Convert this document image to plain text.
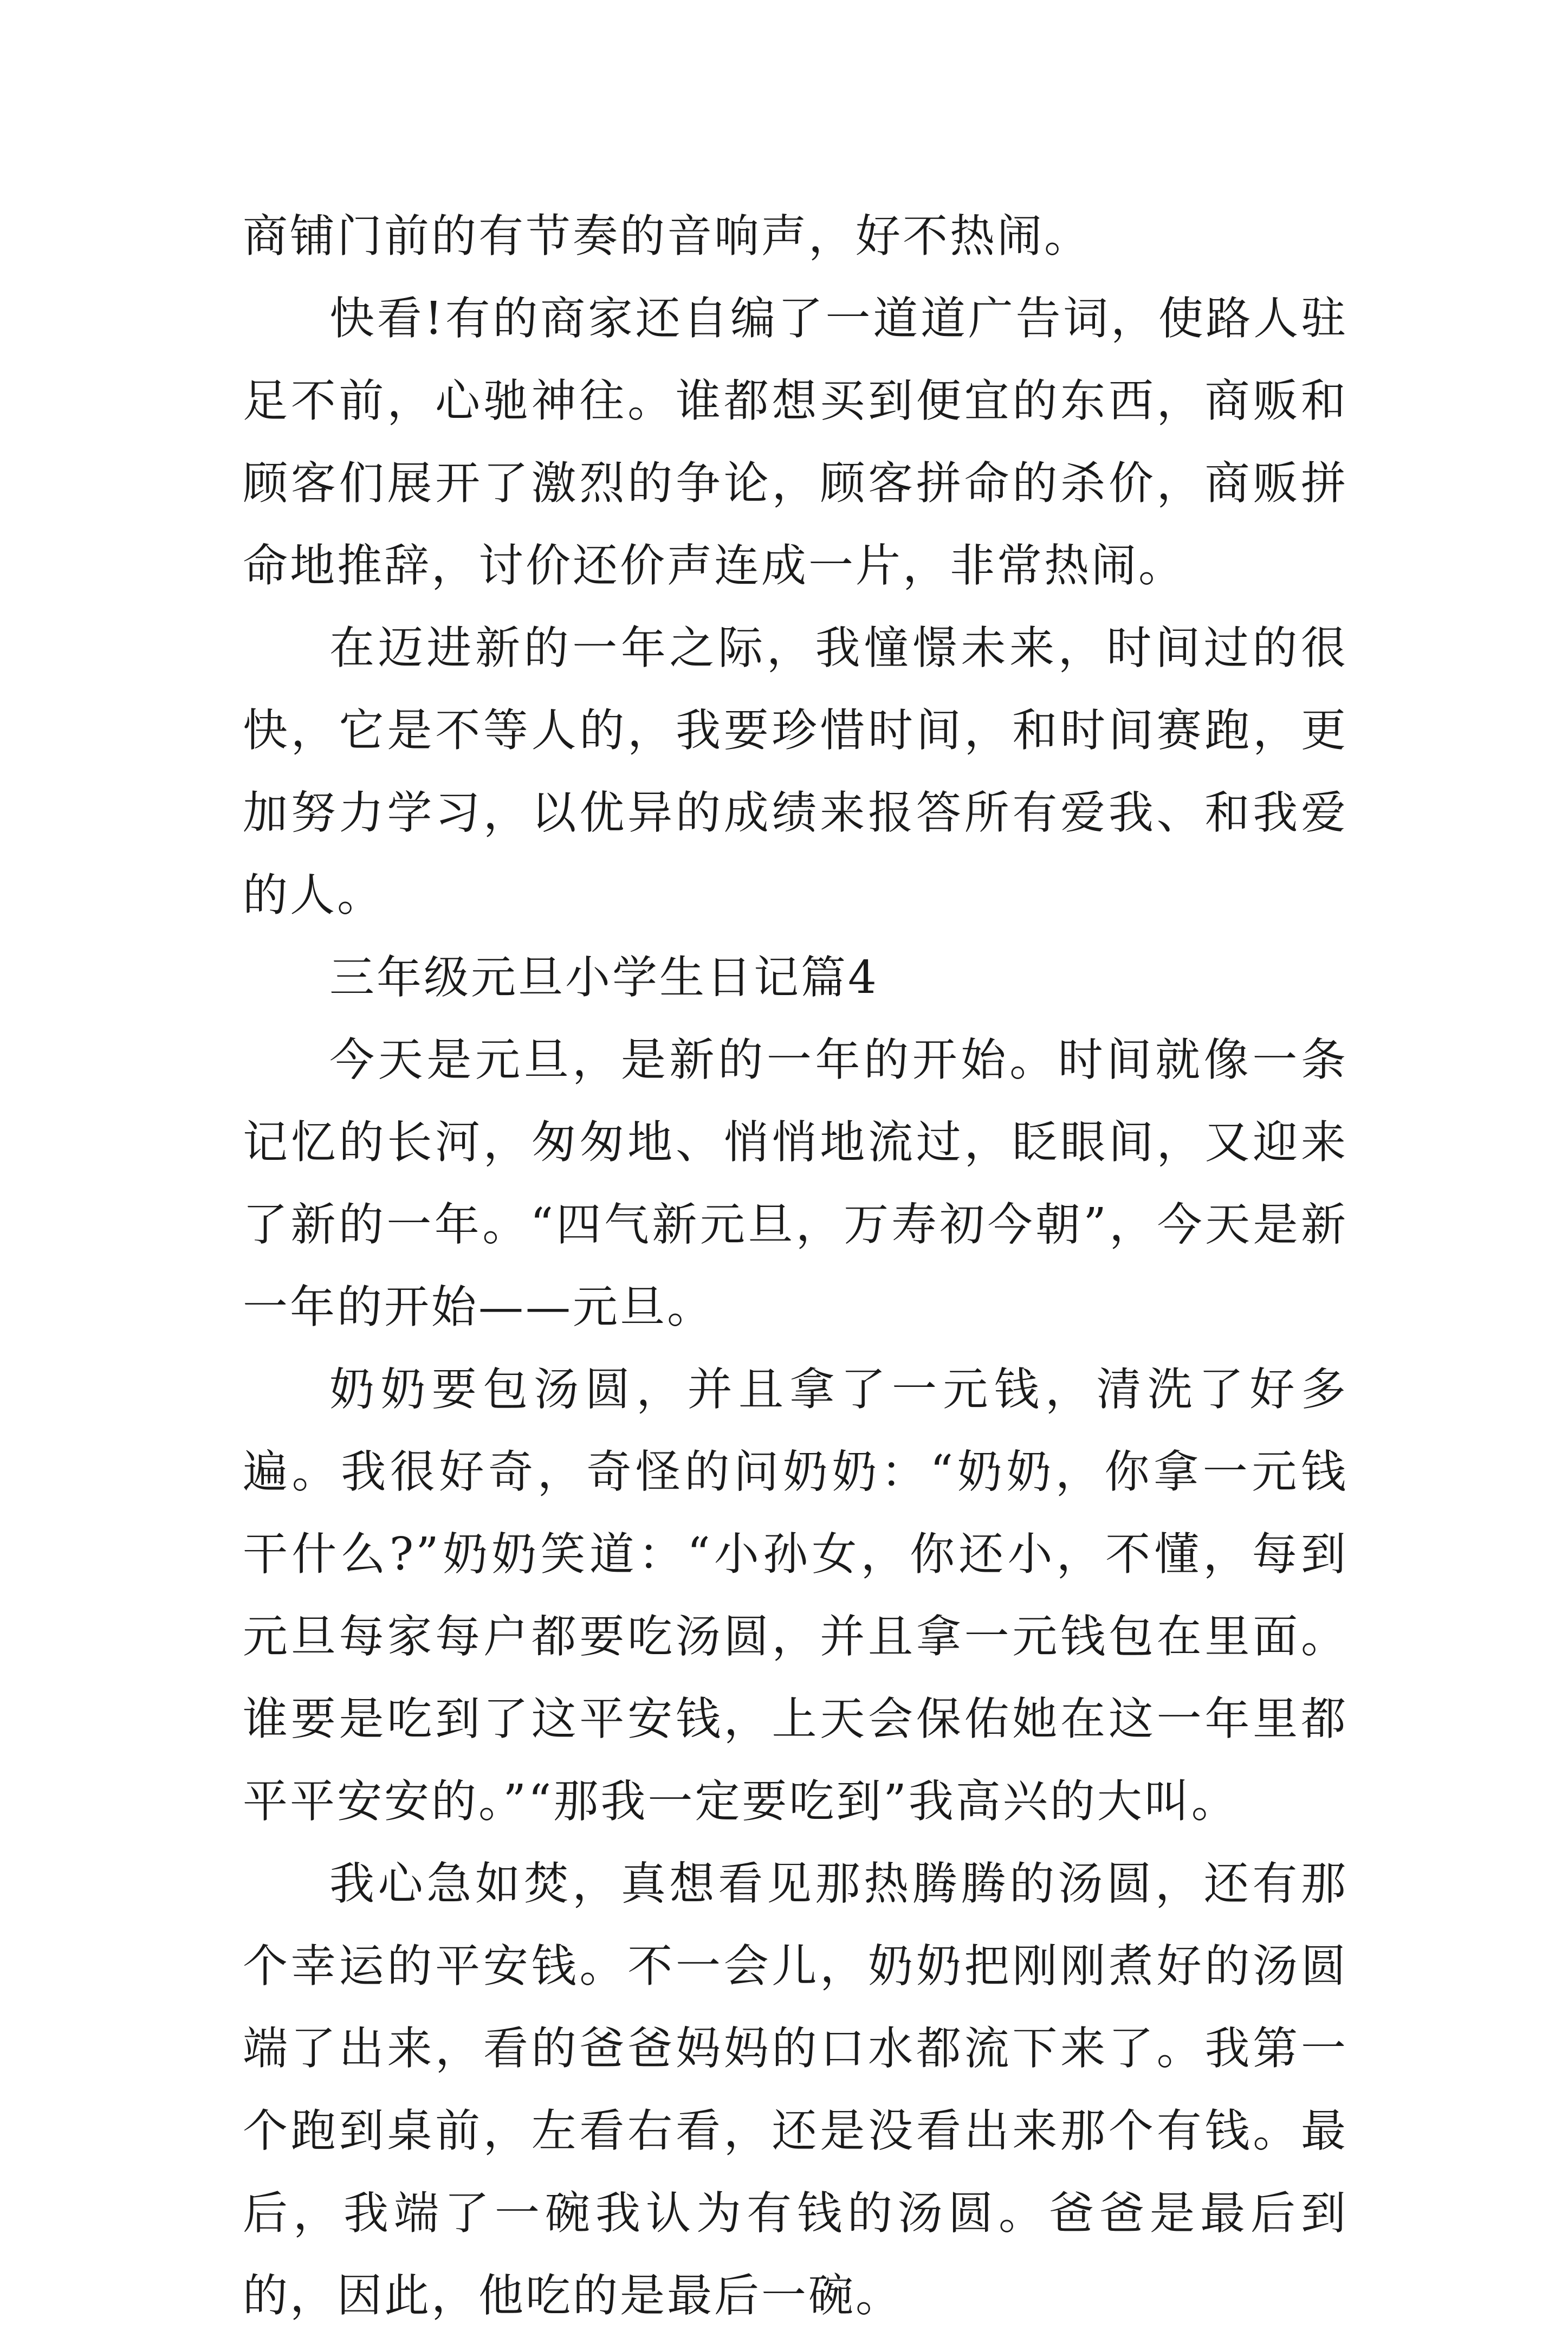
商铺门前的有节奏的音响声，好不热闹。

快看!有的商家还自编了一道道广告词，使路人驻足不前，心驰神往。谁都想买到便宜的东西，商贩和顾客们展开了激烈的争论，顾客拼命的杀价，商贩拼命地推辞，讨价还价声连成一片，非常热闹。

在迈进新的一年之际，我憧憬未来，时间过的很快，它是不等人的，我要珍惜时间，和时间赛跑，更加努力学习，以优异的成绩来报答所有爱我、和我爱的人。

三年级元旦小学生日记篇4

今天是元旦，是新的一年的开始。时间就像一条记忆的长河，匆匆地、悄悄地流过，眨眼间，又迎来了新的一年。“四气新元旦，万寿初今朝”，今天是新一年的开始——元旦。

奶奶要包汤圆，并且拿了一元钱，清洗了好多遍。我很好奇，奇怪的问奶奶：“奶奶，你拿一元钱干什么?”奶奶笑道：“小孙女，你还小，不懂，每到元旦每家每户都要吃汤圆，并且拿一元钱包在里面。谁要是吃到了这平安钱，上天会保佑她在这一年里都平平安安的。”“那我一定要吃到”我高兴的大叫。

我心急如焚，真想看见那热腾腾的汤圆，还有那个幸运的平安钱。不一会儿，奶奶把刚刚煮好的汤圆端了出来，看的爸爸妈妈的口水都流下来了。我第一个跑到桌前，左看右看，还是没看出来那个有钱。最后，我端了一碗我认为有钱的汤圆。爸爸是最后到的，因此，他吃的是最后一碗。
